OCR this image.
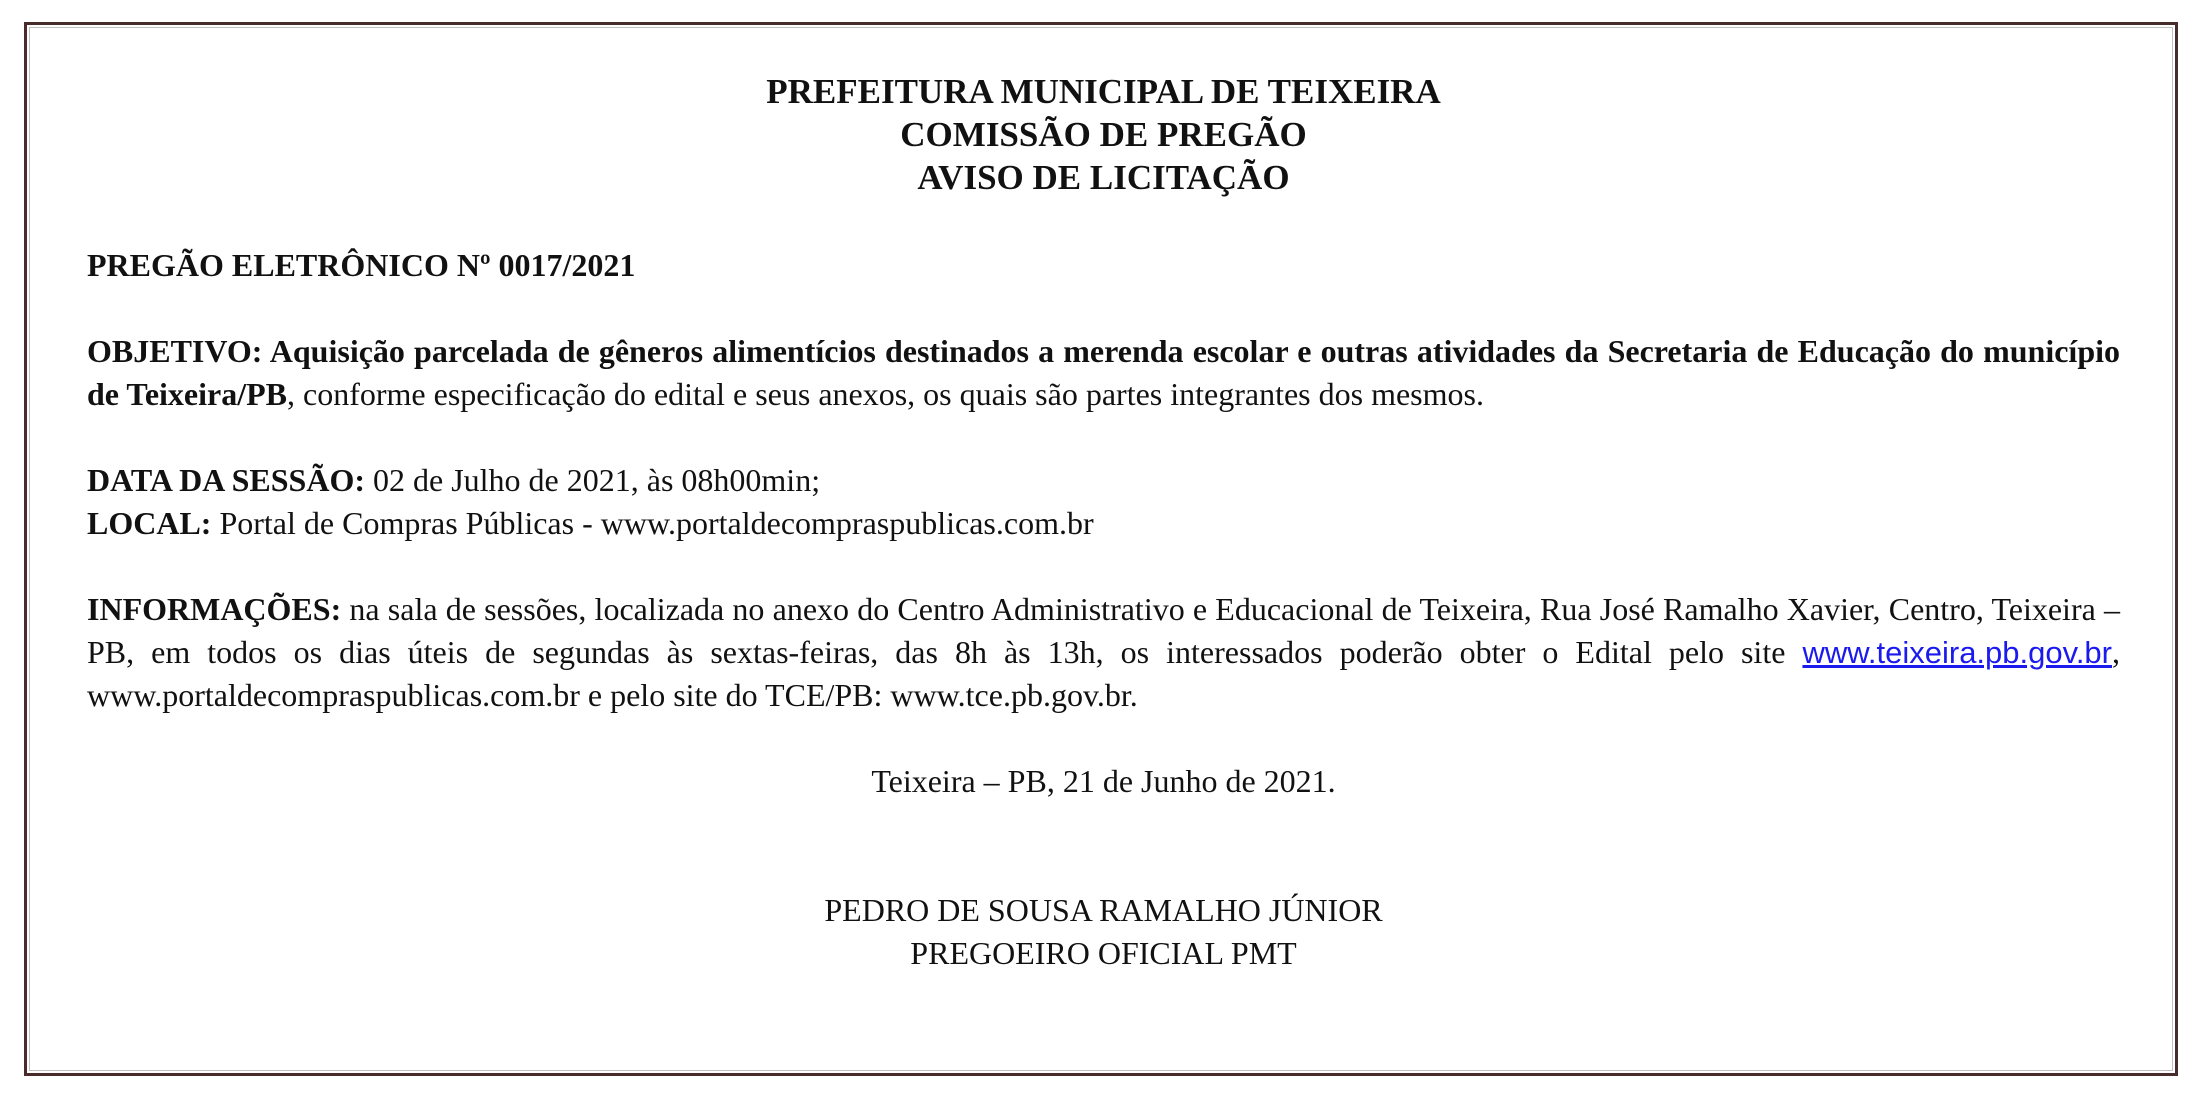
PREFEITURA MUNICIPAL DE TEIXEIRA
COMISSÃO DE PREGÃO
AVISO DE LICITAÇÃO
PREGÃO ELETRÔNICO Nº 0017/2021
OBJETIVO: Aquisição parcelada de gêneros alimentícios destinados a merenda escolar e outras atividades da Secretaria de Educação do município de Teixeira/PB, conforme especificação do edital e seus anexos, os quais são partes integrantes dos mesmos.
DATA DA SESSÃO: 02 de Julho de 2021, às 08h00min;
LOCAL: Portal de Compras Públicas - www.portaldecompraspublicas.com.br
INFORMAÇÕES: na sala de sessões, localizada no anexo do Centro Administrativo e Educacional de Teixeira, Rua José Ramalho Xavier, Centro, Teixeira – PB, em todos os dias úteis de segundas às sextas-feiras, das 8h às 13h, os interessados poderão obter o Edital pelo site www.teixeira.pb.gov.br, www.portaldecompraspublicas.com.br e pelo site do TCE/PB: www.tce.pb.gov.br.
Teixeira – PB, 21 de Junho de 2021.
PEDRO DE SOUSA RAMALHO JÚNIOR
PREGOEIRO OFICIAL PMT
